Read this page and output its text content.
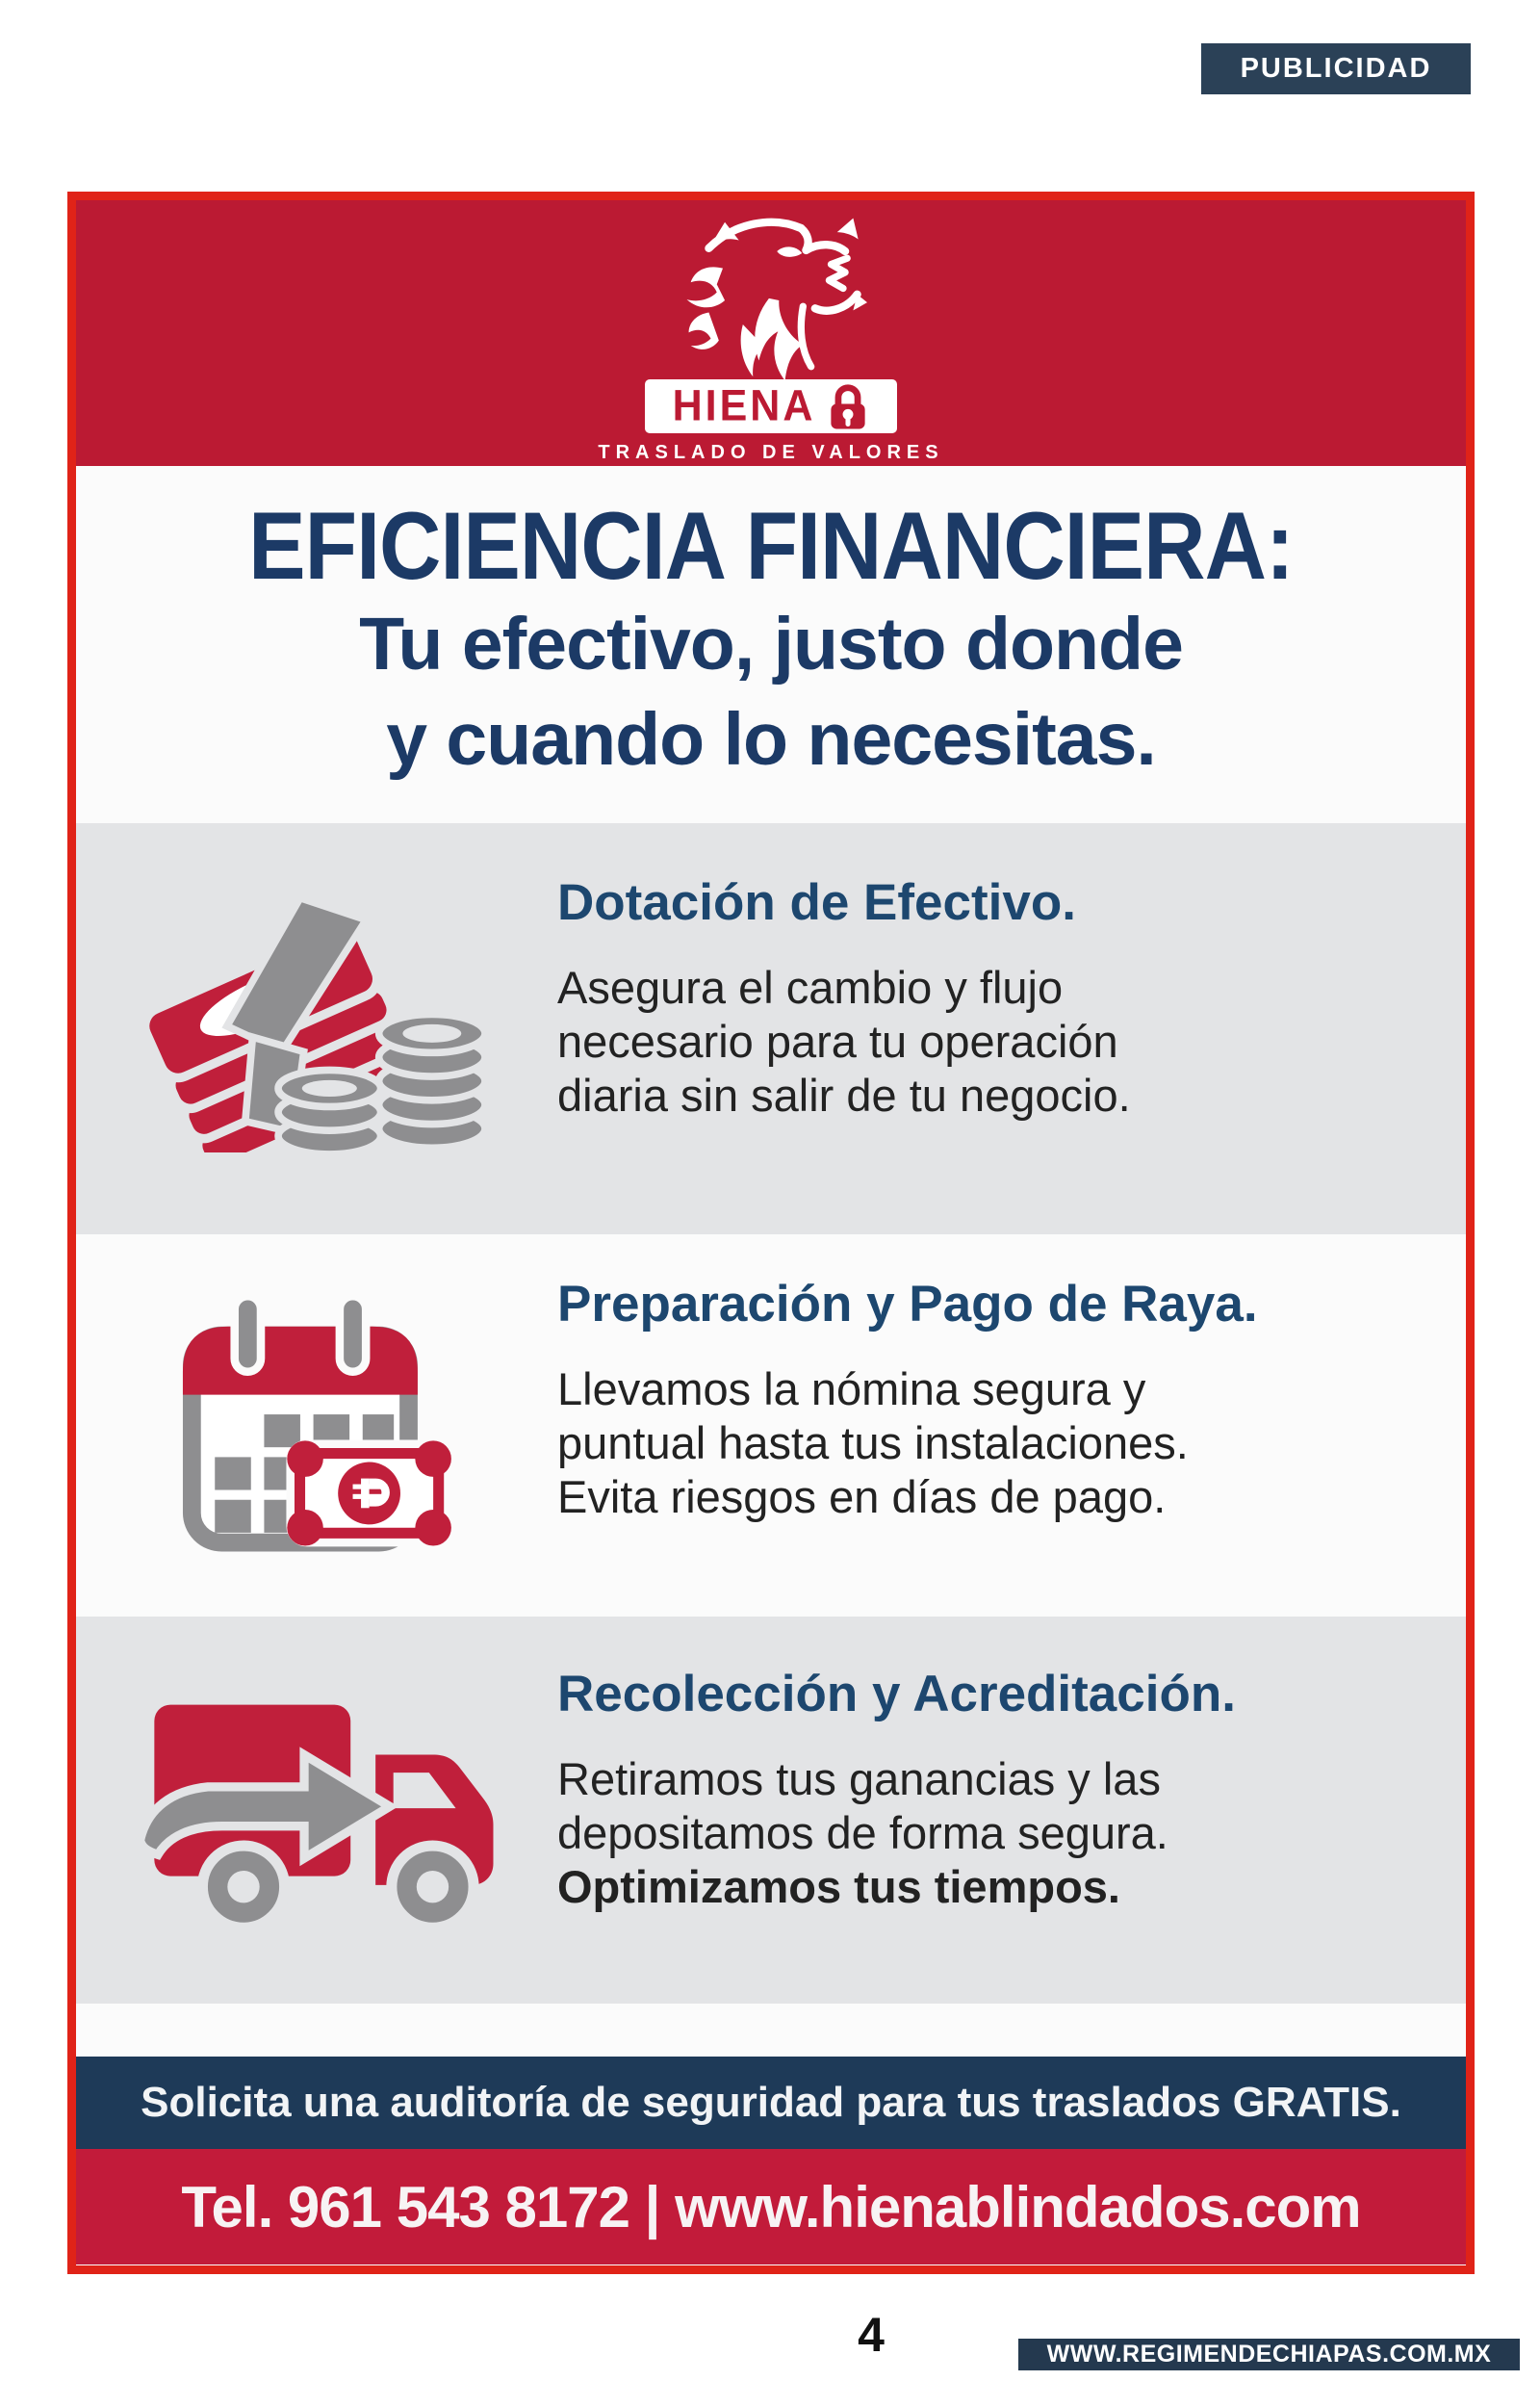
PUBLICIDAD
HIENA
TRASLADO DE VALORES
EFICIENCIA FINANCIERA:
Tu efectivo, justo donde
y cuando lo necesitas.
Dotación de Efectivo.
Asegura el cambio y flujo
necesario para tu operación
diaria sin salir de tu negocio.
Preparación y Pago de Raya.
Llevamos la nómina segura y
puntual hasta tus instalaciones.
Evita riesgos en días de pago.
Recolección y Acreditación.
Retiramos tus ganancias y las
depositamos de forma segura.
Optimizamos tus tiempos.
Solicita una auditoría de seguridad para tus traslados GRATIS.
Tel. 961 543 8172 | www.hienablindados.com
4	WWW.REGIMENDECHIAPAS.COM.MX
